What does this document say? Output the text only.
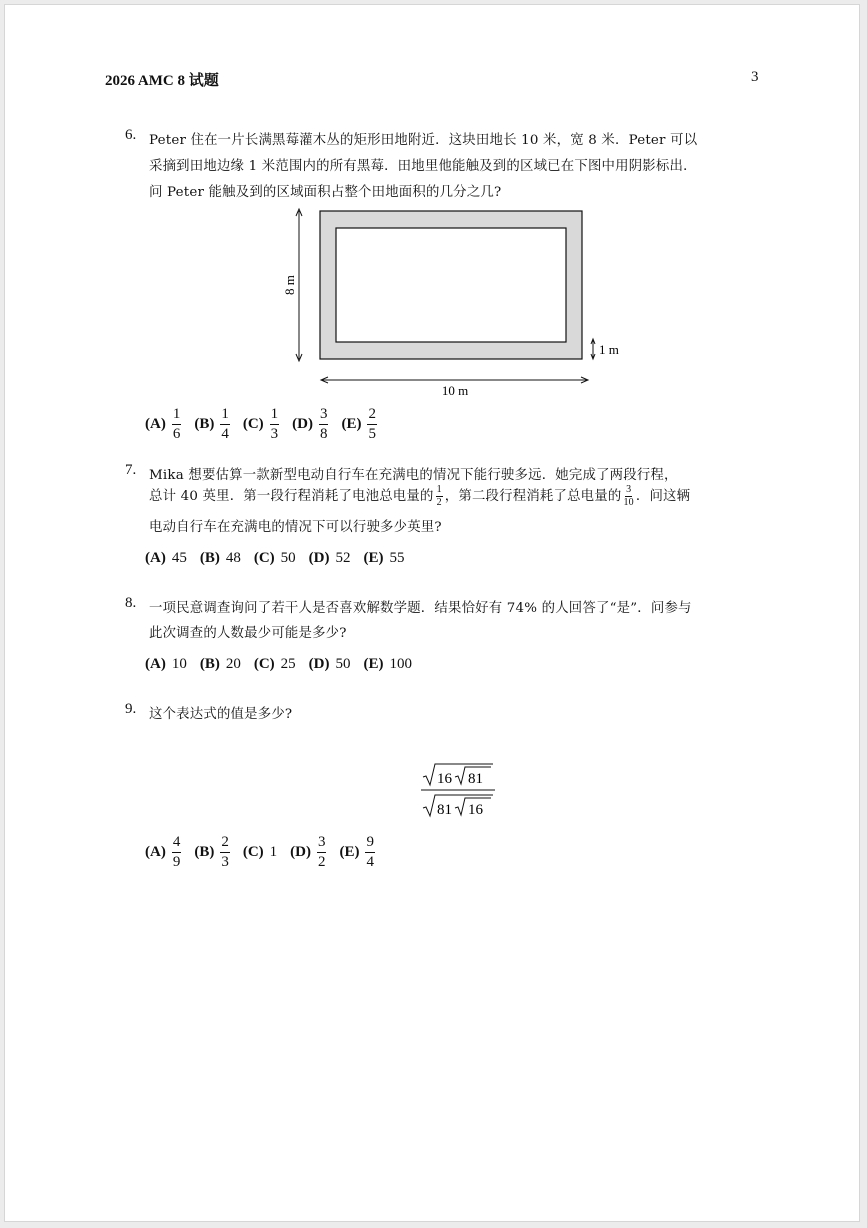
2026 AMC 8 试题	3
6. Peter 住在一片长满黑莓灌木丛的矩形田地附近．这块田地长 10 米，宽 8 米．Peter 可以
采摘到田地边缘 1 米范围内的所有黑莓．田地里他能触及到的区域已在下图中用阴影标出．
问 Peter 能触及到的区域面积占整个田地面积的几分之几?
8 m
1 m
10 m
$(A) \frac{1}{6} (B) \frac{1}{4} (C) \frac{1}{3} (D) \frac{3}{8} (E) \frac{2}{5}$
7. Mika 想要估算一款新型电动自行车在充满电的情况下能行驶多远．她完成了两段行程，
总计 40 英里．第一段行程消耗了电池总电量的 $\frac{1}{2}$ ，第二段行程消耗了总电量的 $\frac{3}{10}$ ．问这辆
电动自行车在充满电的情况下可以行驶多少英里?
(A) 45 (B) 48 (C) 50 (D) 52 (E) 55
8. 一项民意调查询问了若干人是否喜欢解数学题．结果恰好有 74% 的人回答了“是”．问参与
此次调查的人数最少可能是多少?
(A) 10 (B) 20 (C) 25 (D) 50 (E) 100
9. 这个表达式的值是多少?
16 81
81 16
$(A) \frac{4}{9} (B) \frac{2}{3} (C)$ 1 $(D) \frac{3}{2} (E) \frac{9}{4}$
